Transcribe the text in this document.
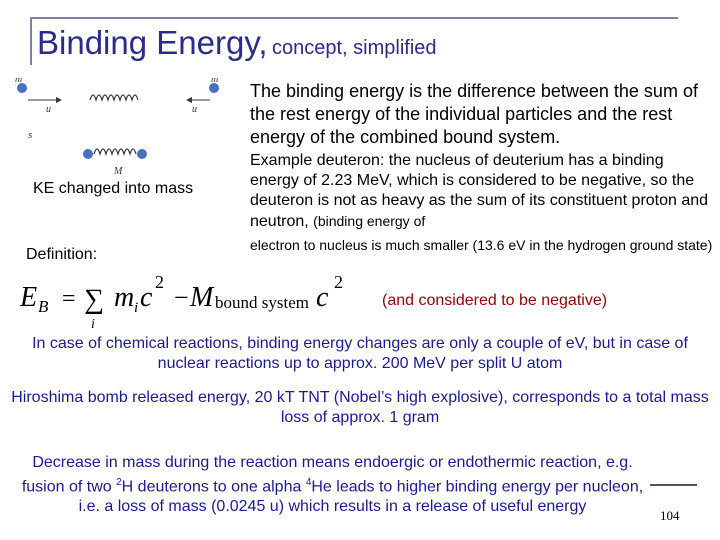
Binding Energy, concept, simplified
m
u	u
m
s
M
KE changed into mass
Definition:
E B = ∑ m i c 2
− M bound system c 2
i
The binding energy is the difference between the sum of the rest energy of the individual particles and the rest energy of the combined bound system.
Example deuteron: the nucleus of deuterium has a binding energy of 2.23 MeV, which is considered to be negative, so the deuteron is not as heavy as the sum of its constituent proton and neutron, (binding energy of
electron to nucleus is much smaller (13.6 eV in the hydrogen ground state)
(and considered to be negative)
In case of chemical reactions, binding energy changes are only a couple of eV, but in case of nuclear reactions up to approx. 200 MeV per split U atom
Hiroshima bomb released energy, 20 kT TNT (Nobel’s high explosive), corresponds to a total mass loss of approx. 1 gram
Decrease in mass during the reaction means endoergic or endothermic reaction, e.g. fusion of two $^2$H deuterons to one alpha $^4$He leads to higher binding energy per nucleon, i.e. a loss of mass (0.0245 u) which results in a release of useful energy
104
